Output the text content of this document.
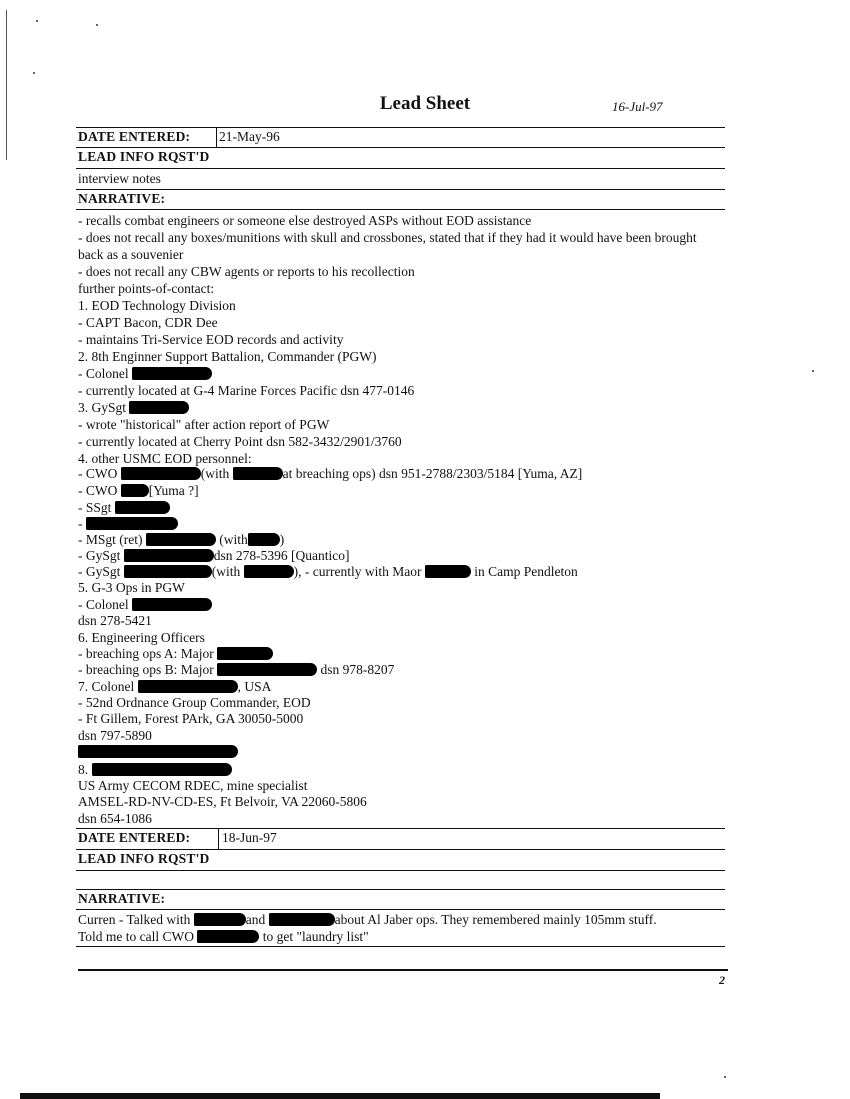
Lead Sheet	16-Jul-97
DATE ENTERED: 21-May-96
LEAD INFO RQST'D
interview notes
NARRATIVE:
- recalls combat engineers or someone else destroyed ASPs without EOD assistance
- does not recall any boxes/munitions with skull and crossbones, stated that if they had it would have been brought
back as a souvenier
- does not recall any CBW agents or reports to his recollection
further points-of-contact:
1. EOD Technology Division
- CAPT Bacon, CDR Dee
- maintains Tri-Service EOD records and activity
2. 8th Enginner Support Battalion, Commander (PGW)
- Colonel
- currently located at G-4 Marine Forces Pacific dsn 477-0146
3. GySgt
- wrote "historical" after action report of PGW
- currently located at Cherry Point dsn 582-3432/2901/3760
4. other USMC EOD personnel:
- CWO	(with	at breaching ops) dsn 951-2788/2303/5184 [Yuma, AZ]
- CWO [Yuma ?]
- SSgt
-
- MSgt (ret)	(with )
- GySgt	dsn 278-5396 [Quantico]
- GySgt	(with	), - currently with Maor	in Camp Pendleton
5. G-3 Ops in PGW
- Colonel
dsn 278-5421
6. Engineering Officers
- breaching ops A: Major
- breaching ops B: Major	dsn 978-8207
7. Colonel	, USA
- 52nd Ordnance Group Commander, EOD
- Ft Gillem, Forest PArk, GA 30050-5000
dsn 797-5890
8.
US Army CECOM RDEC, mine specialist
AMSEL-RD-NV-CD-ES, Ft Belvoir, VA 22060-5806
dsn 654-1086
DATE ENTERED: 18-Jun-97
LEAD INFO RQST'D
NARRATIVE:
Curren - Talked with	and	about Al Jaber ops. They remembered mainly 105mm stuff.
Told me to call CWO	to get "laundry list"
2
